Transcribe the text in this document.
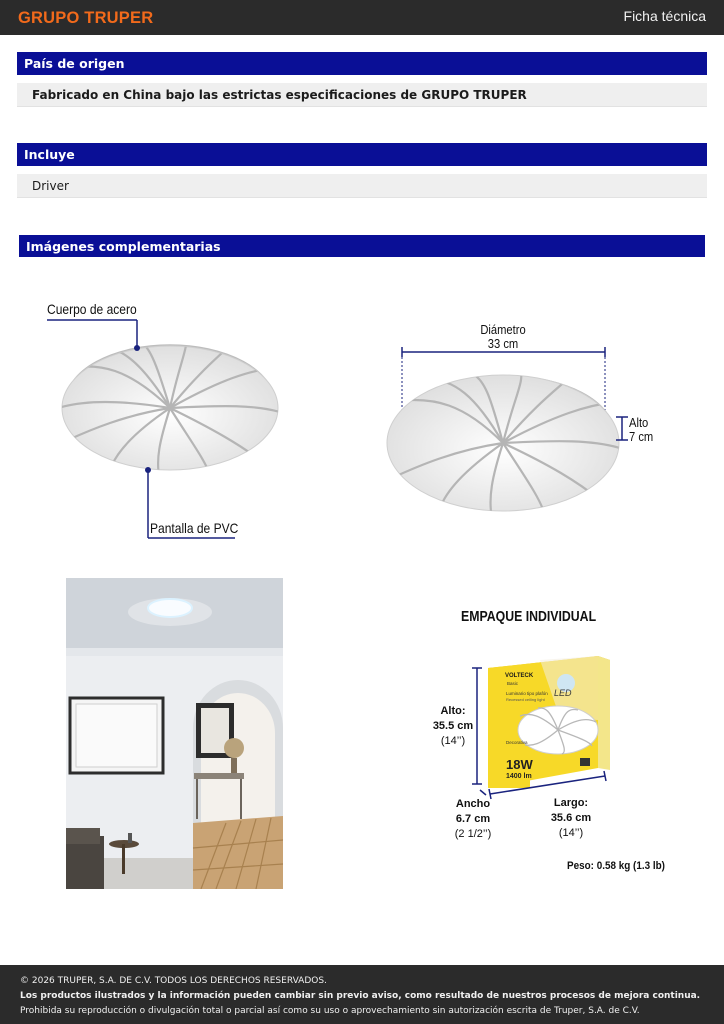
GRUPO TRUPER	Ficha técnica
País de origen
Fabricado en China bajo las estrictas especificaciones de GRUPO TRUPER
Incluye
Driver
Imágenes complementarias
Cuerpo de acero
Pantalla de PVC
Diámetro
33 cm
Alto
7 cm
EMPAQUE INDIVIDUAL
VOLTECK
Basic
Luminario tipo plafón
Recessed ceiling light
LED
Decorativa
18W
1400 lm
Alto:
35.5 cm
(14’’)
Ancho
6.7 cm
(2 1/2’’)
Largo:
35.6 cm
(14’’)
Peso: 0.58 kg (1.3 lb)
© 2026 TRUPER, S.A. DE C.V. TODOS LOS DERECHOS RESERVADOS.
Los productos ilustrados y la información pueden cambiar sin previo aviso, como resultado de nuestros procesos de mejora continua.
Prohibida su reproducción o divulgación total o parcial así como su uso o aprovechamiento sin autorización escrita de Truper, S.A. de C.V.
